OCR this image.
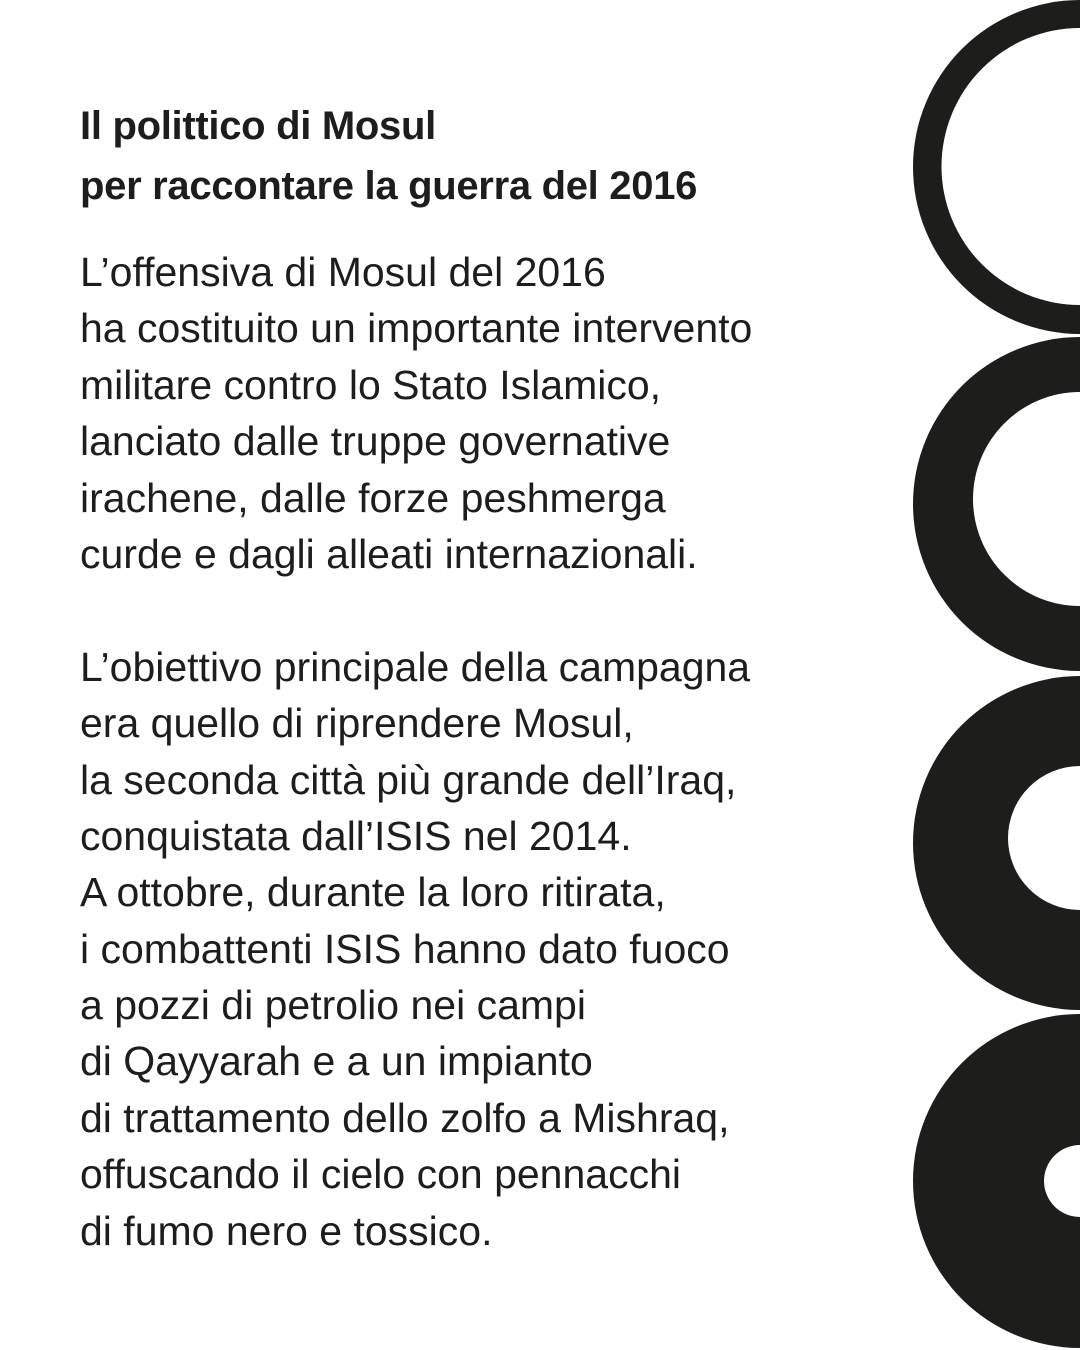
Il polittico di Mosul
per raccontare la guerra del 2016
L’offensiva di Mosul del 2016
ha costituito un importante intervento
militare contro lo Stato Islamico,
lanciato dalle truppe governative
irachene, dalle forze peshmerga
curde e dagli alleati internazionali.
L’obiettivo principale della campagna
era quello di riprendere Mosul,
la seconda città più grande dell’Iraq,
conquistata dall’ISIS nel 2014.
A ottobre, durante la loro ritirata,
i combattenti ISIS hanno dato fuoco
a pozzi di petrolio nei campi
di Qayyarah e a un impianto
di trattamento dello zolfo a Mishraq,
offuscando il cielo con pennacchi
di fumo nero e tossico.
